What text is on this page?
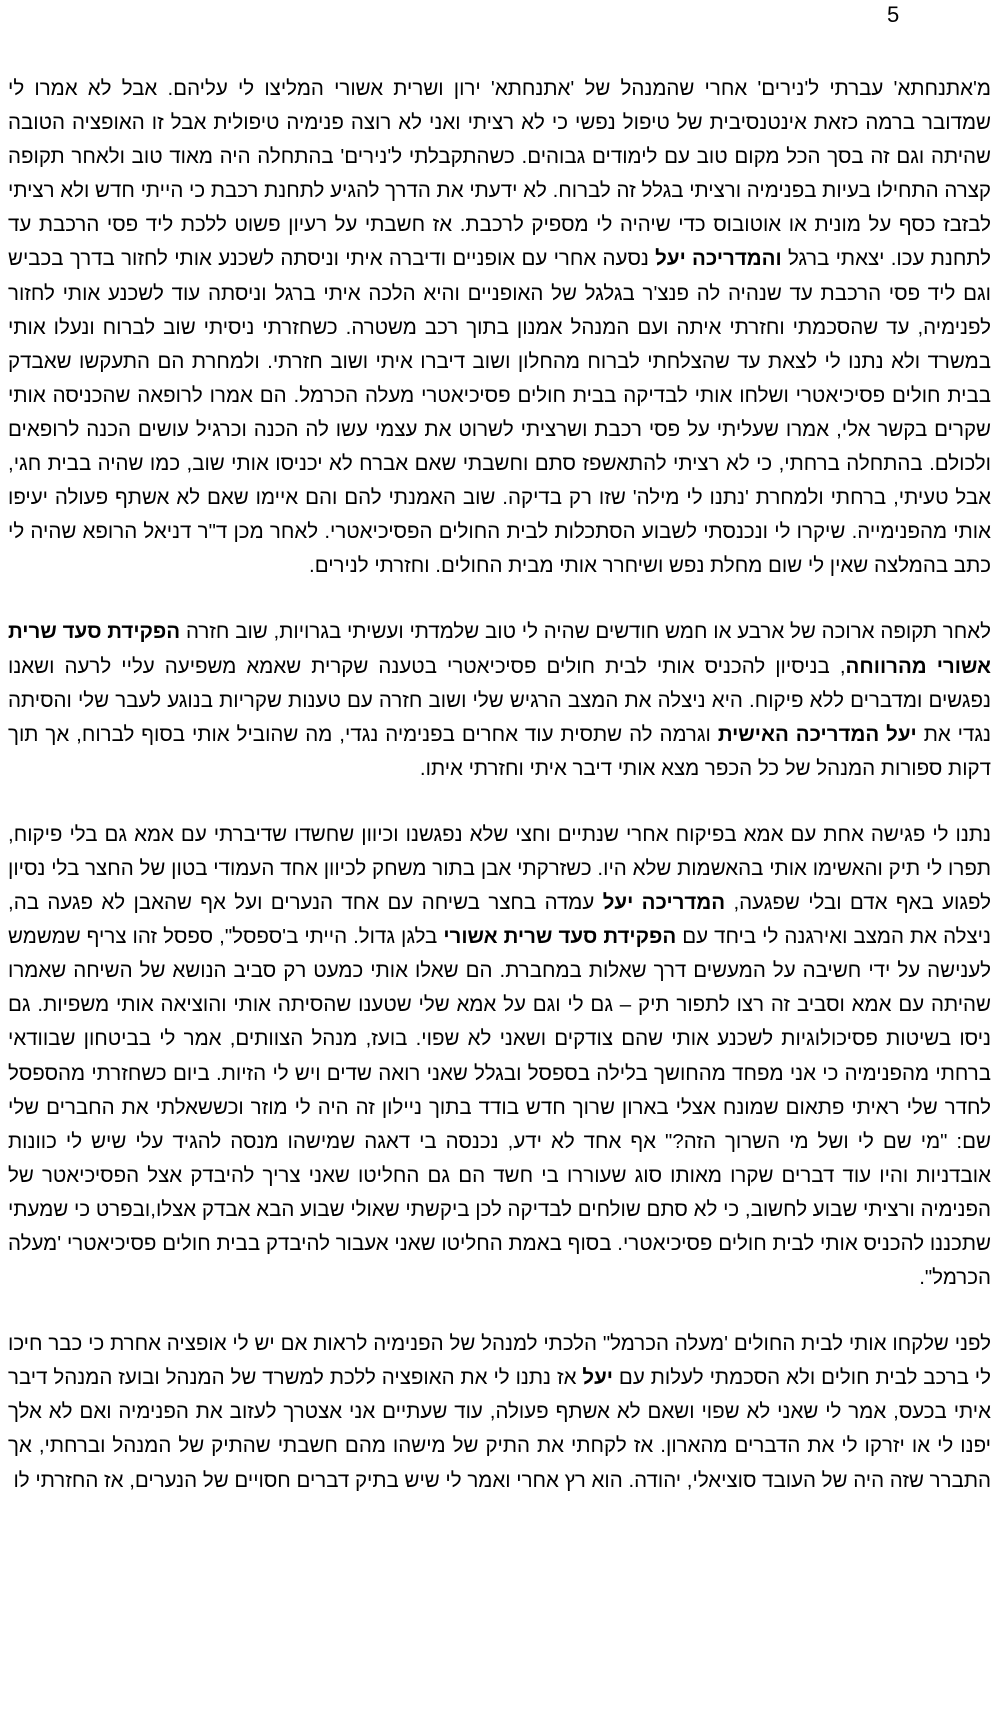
5

מ'אתנחתא' עברתי ל'נירים' אחרי שהמנהל של 'אתנחתא' ירון ושרית אשורי המליצו לי עליהם. אבל לא אמרו לי שמדובר ברמה כזאת אינטנסיבית של טיפול נפשי כי לא רציתי ואני לא רוצה פנימיה טיפולית אבל זו האופציה הטובה שהיתה וגם זה בסך הכל מקום טוב עם לימודים גבוהים. כשהתקבלתי ל'נירים' בהתחלה היה מאוד טוב ולאחר תקופה קצרה התחילו בעיות בפנימיה ורציתי בגלל זה לברוח. לא ידעתי את הדרך להגיע לתחנת רכבת כי הייתי חדש ולא רציתי לבזבז כסף על מונית או אוטובוס כדי שיהיה לי מספיק לרכבת. אז חשבתי על רעיון פשוט ללכת ליד פסי הרכבת עד לתחנת עכו. יצאתי ברגל והמדריכה יעל נסעה אחרי עם אופניים ודיברה איתי וניסתה לשכנע אותי לחזור בדרך בכביש וגם ליד פסי הרכבת עד שנהיה לה פנצ'ר בגלגל של האופניים והיא הלכה איתי ברגל וניסתה עוד לשכנע אותי לחזור לפנימיה, עד שהסכמתי וחזרתי איתה ועם המנהל אמנון בתוך רכב משטרה. כשחזרתי ניסיתי שוב לברוח ונעלו אותי במשרד ולא נתנו לי לצאת עד שהצלחתי לברוח מהחלון ושוב דיברו איתי ושוב חזרתי. ולמחרת הם התעקשו שאבדק בבית חולים פסיכיאטרי ושלחו אותי לבדיקה בבית חולים פסיכיאטרי מעלה הכרמל. הם אמרו לרופאה שהכניסה אותי שקרים בקשר אלי, אמרו שעליתי על פסי רכבת ושרציתי לשרוט את עצמי עשו לה הכנה וכרגיל עושים הכנה לרופאים ולכולם. בהתחלה ברחתי, כי לא רציתי להתאשפז סתם וחשבתי שאם אברח לא יכניסו אותי שוב, כמו שהיה בבית חגי, אבל טעיתי, ברחתי ולמחרת 'נתנו לי מילה' שזו רק בדיקה. שוב האמנתי להם והם איימו שאם לא אשתף פעולה יעיפו אותי מהפנימייה. שיקרו לי ונכנסתי לשבוע הסתכלות לבית החולים הפסיכיאטרי. לאחר מכן ד"ר דניאל הרופא שהיה לי כתב בהמלצה שאין לי שום מחלת נפש ושיחרר אותי מבית החולים. וחזרתי לנירים.

לאחר תקופה ארוכה של ארבע או חמש חודשים שהיה לי טוב שלמדתי ועשיתי בגרויות, שוב חזרה הפקידת סעד שרית אשורי מהרווחה, בניסיון להכניס אותי לבית חולים פסיכיאטרי בטענה שקרית שאמא משפיעה עליי לרעה ושאנו נפגשים ומדברים ללא פיקוח. היא ניצלה את המצב הרגיש שלי ושוב חזרה עם טענות שקריות בנוגע לעבר שלי והסיתה נגדי את יעל המדריכה האישית וגרמה לה שתסית עוד אחרים בפנימיה נגדי, מה שהוביל אותי בסוף לברוח, אך תוך דקות ספורות המנהל של כל הכפר מצא אותי דיבר איתי וחזרתי איתו.

נתנו לי פגישה אחת עם אמא בפיקוח אחרי שנתיים וחצי שלא נפגשנו וכיוון שחשדו שדיברתי עם אמא גם בלי פיקוח, תפרו לי תיק והאשימו אותי בהאשמות שלא היו. כשזרקתי אבן בתור משחק לכיוון אחד העמודי בטון של החצר בלי נסיון לפגוע באף אדם ובלי שפגעה, המדריכה יעל עמדה בחצר בשיחה עם אחד הנערים ועל אף שהאבן לא פגעה בה, ניצלה את המצב ואירגנה לי ביחד עם הפקידת סעד שרית אשורי בלגן גדול. הייתי ב'ספסל", ספסל זהו צריף שמשמש לענישה על ידי חשיבה על המעשים דרך שאלות במחברת. הם שאלו אותי כמעט רק סביב הנושא של השיחה שאמרו שהיתה עם אמא וסביב זה רצו לתפור תיק – גם לי וגם על אמא שלי שטענו שהסיתה אותי והוציאה אותי משפיות. גם ניסו בשיטות פסיכולוגיות לשכנע אותי שהם צודקים ושאני לא שפוי. בועז, מנהל הצוותים, אמר לי בביטחון שבוודאי ברחתי מהפנימיה כי אני מפחד מהחושך בלילה בספסל ובגלל שאני רואה שדים ויש לי הזיות. ביום כשחזרתי מהספסל לחדר שלי ראיתי פתאום שמונח אצלי בארון שרוך חדש בודד בתוך ניילון זה היה לי מוזר וכששאלתי את החברים שלי שם: "מי שם לי ושל מי השרוך הזה?" אף אחד לא ידע, נכנסה בי דאגה שמישהו מנסה להגיד עלי שיש לי כוונות אובדניות והיו עוד דברים שקרו מאותו סוג שעוררו בי חשד הם גם החליטו שאני צריך להיבדק אצל הפסיכיאטר של הפנימיה ורציתי שבוע לחשוב, כי לא סתם שולחים לבדיקה לכן ביקשתי שאולי שבוע הבא אבדק אצלו,ובפרט כי שמעתי שתכננו להכניס אותי לבית חולים פסיכיאטרי. בסוף באמת החליטו שאני אעבור להיבדק בבית חולים פסיכיאטרי 'מעלה הכרמל".

לפני שלקחו אותי לבית החולים 'מעלה הכרמל" הלכתי למנהל של הפנימיה לראות אם יש לי אופציה אחרת כי כבר חיכו לי ברכב לבית חולים ולא הסכמתי לעלות עם יעל אז נתנו לי את האופציה ללכת למשרד של המנהל ובועז המנהל דיבר איתי בכעס, אמר לי שאני לא שפוי ושאם לא אשתף פעולה, עוד שעתיים אני אצטרך לעזוב את הפנימיה ואם לא אלך יפנו לי או יזרקו לי את הדברים מהארון. אז לקחתי את התיק של מישהו מהם חשבתי שהתיק של המנהל וברחתי, אך התברר שזה היה של העובד סוציאלי, יהודה. הוא רץ אחרי ואמר לי שיש בתיק דברים חסויים של הנערים, אז החזרתי לו
